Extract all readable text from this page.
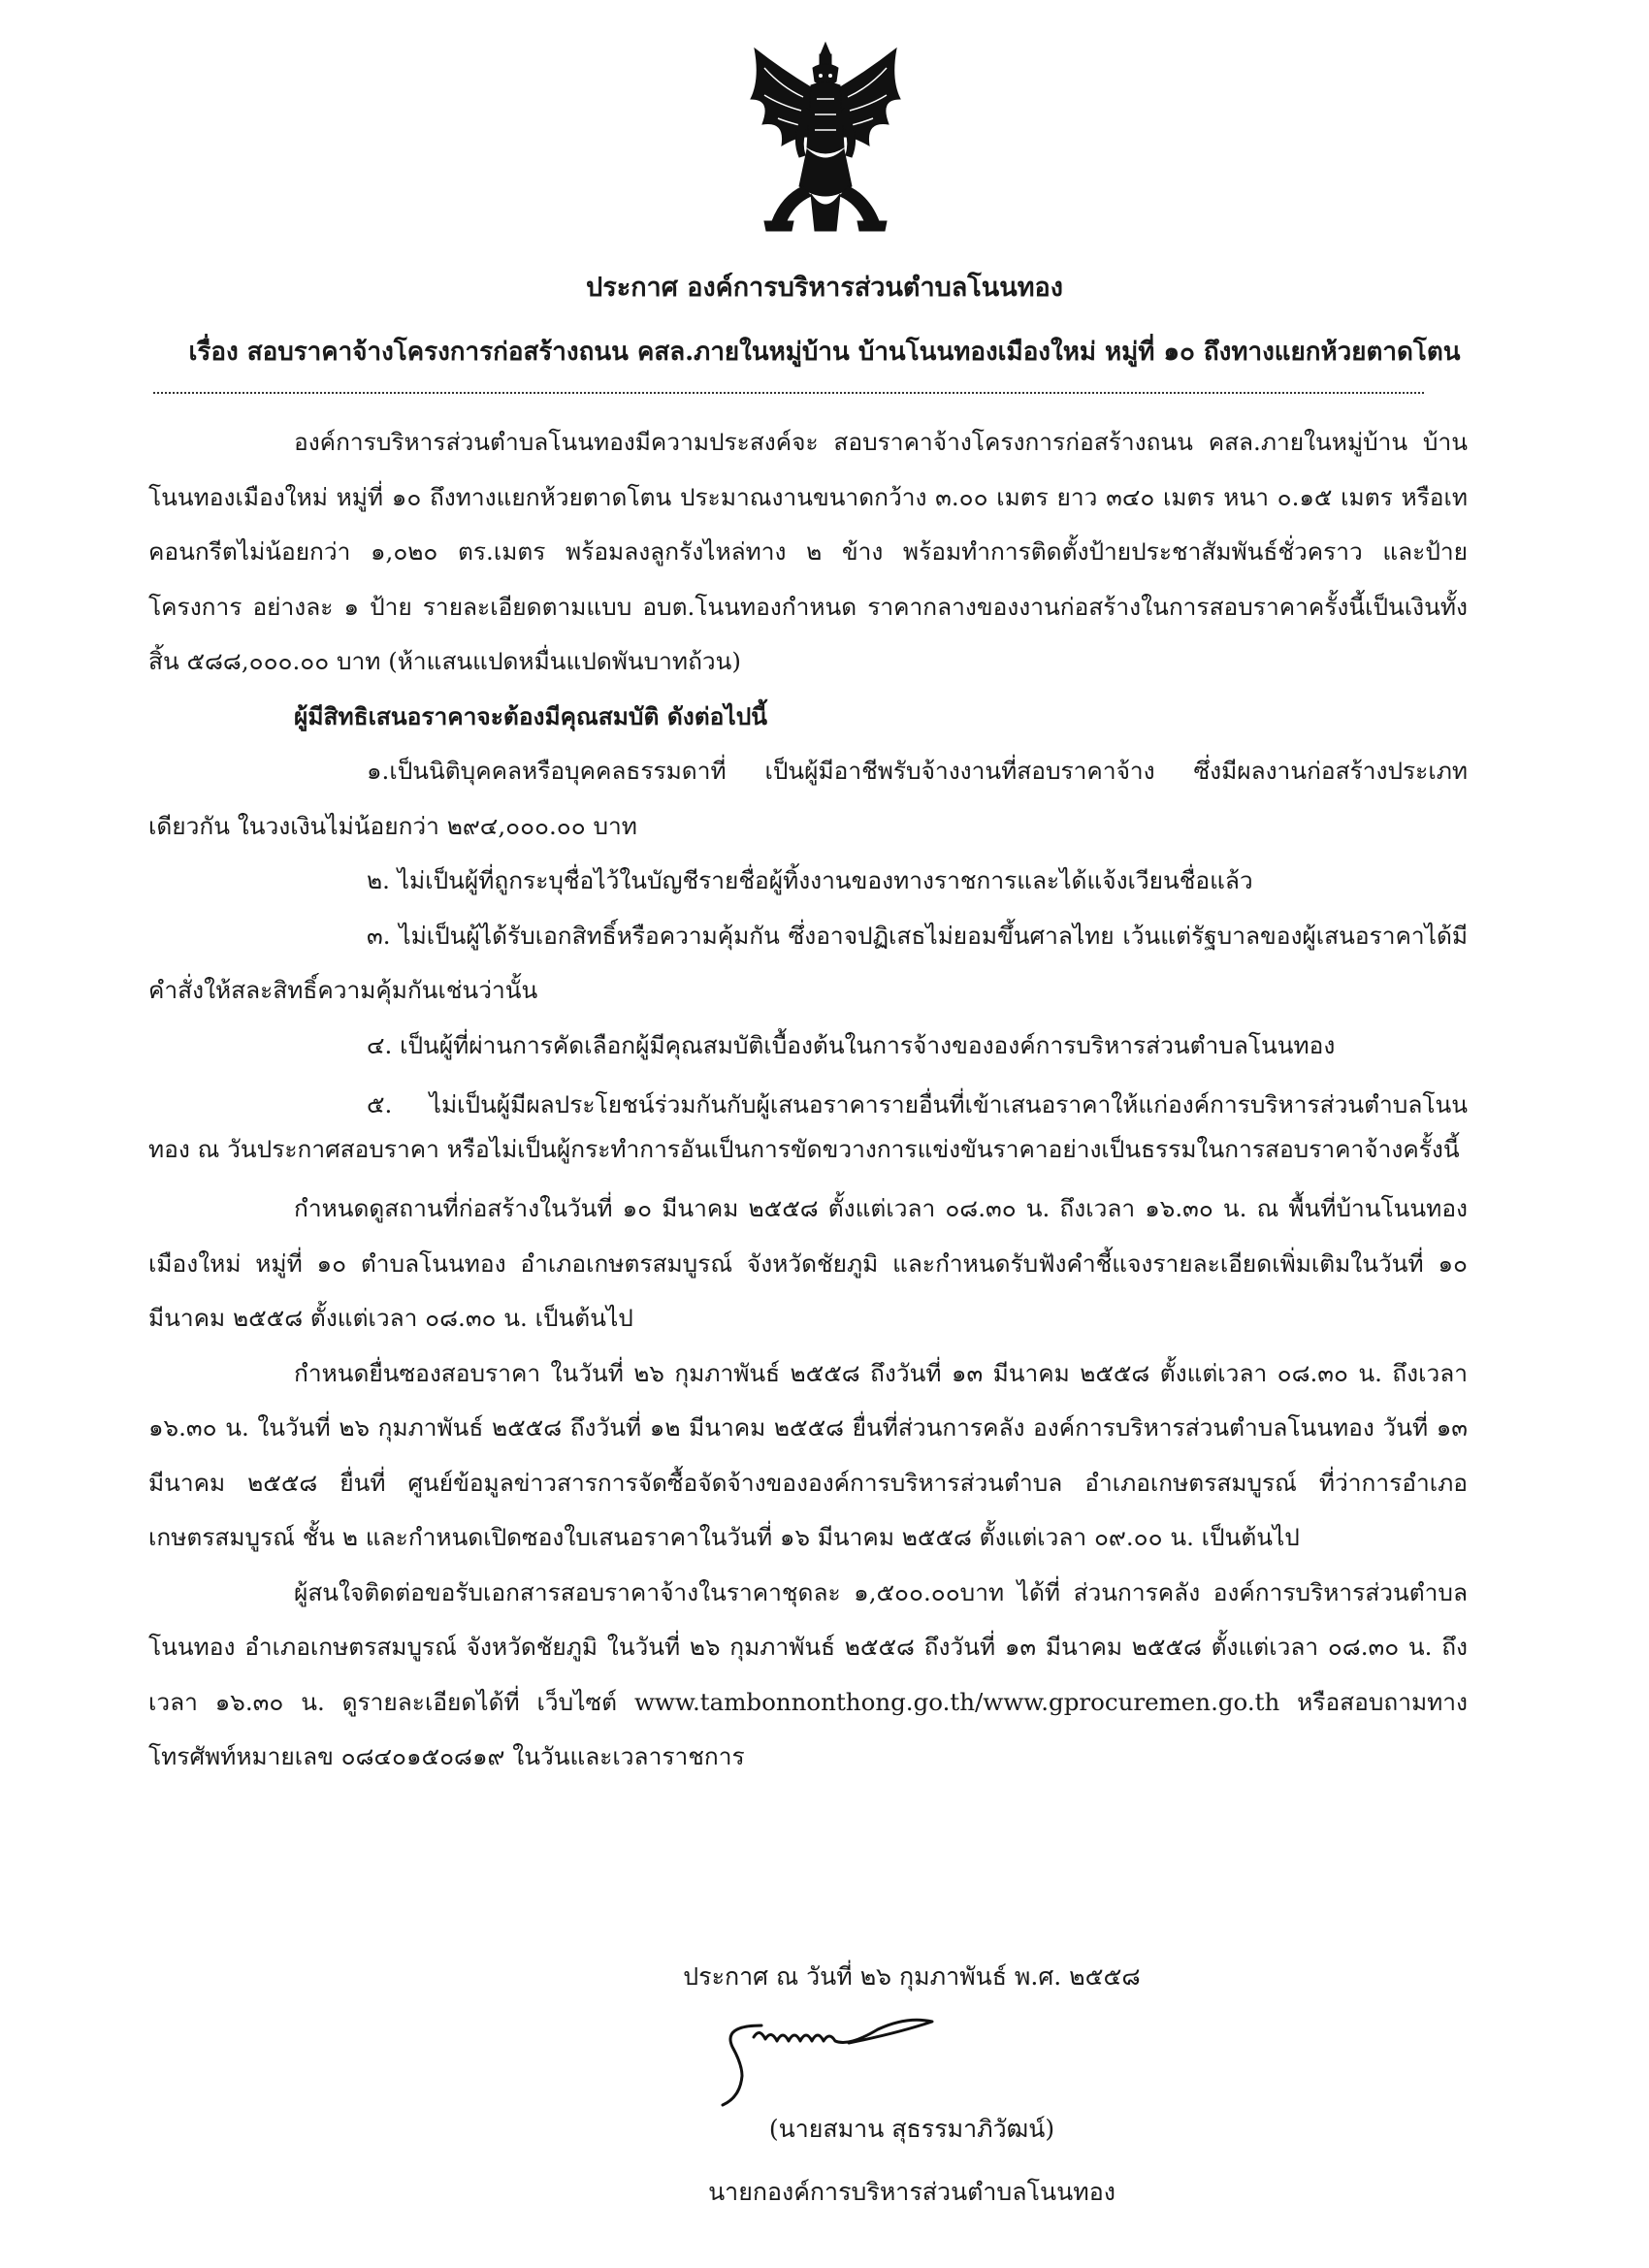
ประกาศ องค์การบริหารส่วนตำบลโนนทอง
เรื่อง สอบราคาจ้างโครงการก่อสร้างถนน คสล.ภายในหมู่บ้าน บ้านโนนทองเมืองใหม่ หมู่ที่ ๑๐ ถึงทางแยกห้วยตาดโตน

องค์การบริหารส่วนตำบลโนนทองมีความประสงค์จะ สอบราคาจ้างโครงการก่อสร้างถนน คสล.ภายในหมู่บ้าน บ้านโนนทองเมืองใหม่ หมู่ที่ ๑๐ ถึงทางแยกห้วยตาดโตน ประมาณงานขนาดกว้าง ๓.๐๐ เมตร ยาว ๓๔๐ เมตร หนา ๐.๑๕ เมตร หรือเทคอนกรีตไม่น้อยกว่า ๑,๐๒๐ ตร.เมตร พร้อมลงลูกรังไหล่ทาง ๒ ข้าง พร้อมทำการติดตั้งป้ายประชาสัมพันธ์ชั่วคราว และป้ายโครงการ อย่างละ ๑ ป้าย รายละเอียดตามแบบ อบต.โนนทองกำหนด ราคากลางของงานก่อสร้างในการสอบราคาครั้งนี้เป็นเงินทั้งสิ้น ๕๘๘,๐๐๐.๐๐ บาท (ห้าแสนแปดหมื่นแปดพันบาทถ้วน)

ผู้มีสิทธิเสนอราคาจะต้องมีคุณสมบัติ ดังต่อไปนี้

๑.เป็นนิติบุคคลหรือบุคคลธรรมดาที่ เป็นผู้มีอาชีพรับจ้างงานที่สอบราคาจ้าง ซึ่งมีผลงานก่อสร้างประเภทเดียวกัน ในวงเงินไม่น้อยกว่า ๒๙๔,๐๐๐.๐๐ บาท

๒. ไม่เป็นผู้ที่ถูกระบุชื่อไว้ในบัญชีรายชื่อผู้ทิ้งงานของทางราชการและได้แจ้งเวียนชื่อแล้ว

๓. ไม่เป็นผู้ได้รับเอกสิทธิ์หรือความคุ้มกัน ซึ่งอาจปฏิเสธไม่ยอมขึ้นศาลไทย เว้นแต่รัฐบาลของผู้เสนอราคาได้มีคำสั่งให้สละสิทธิ์ความคุ้มกันเช่นว่านั้น

๔. เป็นผู้ที่ผ่านการคัดเลือกผู้มีคุณสมบัติเบื้องต้นในการจ้างขององค์การบริหารส่วนตำบลโนนทอง

๕. ไม่เป็นผู้มีผลประโยชน์ร่วมกันกับผู้เสนอราคารายอื่นที่เข้าเสนอราคาให้แก่องค์การบริหารส่วนตำบลโนนทอง ณ วันประกาศสอบราคา หรือไม่เป็นผู้กระทำการอันเป็นการขัดขวางการแข่งขันราคาอย่างเป็นธรรมในการสอบราคาจ้างครั้งนี้

กำหนดดูสถานที่ก่อสร้างในวันที่ ๑๐ มีนาคม ๒๕๕๘ ตั้งแต่เวลา ๐๘.๓๐ น. ถึงเวลา ๑๖.๓๐ น. ณ พื้นที่บ้านโนนทองเมืองใหม่ หมู่ที่ ๑๐ ตำบลโนนทอง อำเภอเกษตรสมบูรณ์ จังหวัดชัยภูมิ และกำหนดรับฟังคำชี้แจงรายละเอียดเพิ่มเติมในวันที่ ๑๐ มีนาคม ๒๕๕๘ ตั้งแต่เวลา ๐๘.๓๐ น. เป็นต้นไป

กำหนดยื่นซองสอบราคา ในวันที่ ๒๖ กุมภาพันธ์ ๒๕๕๘ ถึงวันที่ ๑๓ มีนาคม ๒๕๕๘ ตั้งแต่เวลา ๐๘.๓๐ น. ถึงเวลา ๑๖.๓๐ น. ในวันที่ ๒๖ กุมภาพันธ์ ๒๕๕๘ ถึงวันที่ ๑๒ มีนาคม ๒๕๕๘ ยื่นที่ส่วนการคลัง องค์การบริหารส่วนตำบลโนนทอง วันที่ ๑๓ มีนาคม ๒๕๕๘ ยื่นที่ ศูนย์ข้อมูลข่าวสารการจัดซื้อจัดจ้างขององค์การบริหารส่วนตำบล อำเภอเกษตรสมบูรณ์ ที่ว่าการอำเภอเกษตรสมบูรณ์ ชั้น ๒ และกำหนดเปิดซองใบเสนอราคาในวันที่ ๑๖ มีนาคม ๒๕๕๘ ตั้งแต่เวลา ๐๙.๐๐ น. เป็นต้นไป

ผู้สนใจติดต่อขอรับเอกสารสอบราคาจ้างในราคาชุดละ ๑,๕๐๐.๐๐บาท ได้ที่ ส่วนการคลัง องค์การบริหารส่วนตำบลโนนทอง อำเภอเกษตรสมบูรณ์ จังหวัดชัยภูมิ ในวันที่ ๒๖ กุมภาพันธ์ ๒๕๕๘ ถึงวันที่ ๑๓ มีนาคม ๒๕๕๘ ตั้งแต่เวลา ๐๘.๓๐ น. ถึงเวลา ๑๖.๓๐ น. ดูรายละเอียดได้ที่ เว็บไซต์ www.tambonnonthong.go.th/www.gprocuremen.go.th หรือสอบถามทางโทรศัพท์หมายเลข ๐๘๔๐๑๕๐๘๑๙ ในวันและเวลาราชการ

ประกาศ ณ วันที่ ๒๖ กุมภาพันธ์ พ.ศ. ๒๕๕๘
(นายสมาน สุธรรมาภิวัฒน์)
นายกองค์การบริหารส่วนตำบลโนนทอง
